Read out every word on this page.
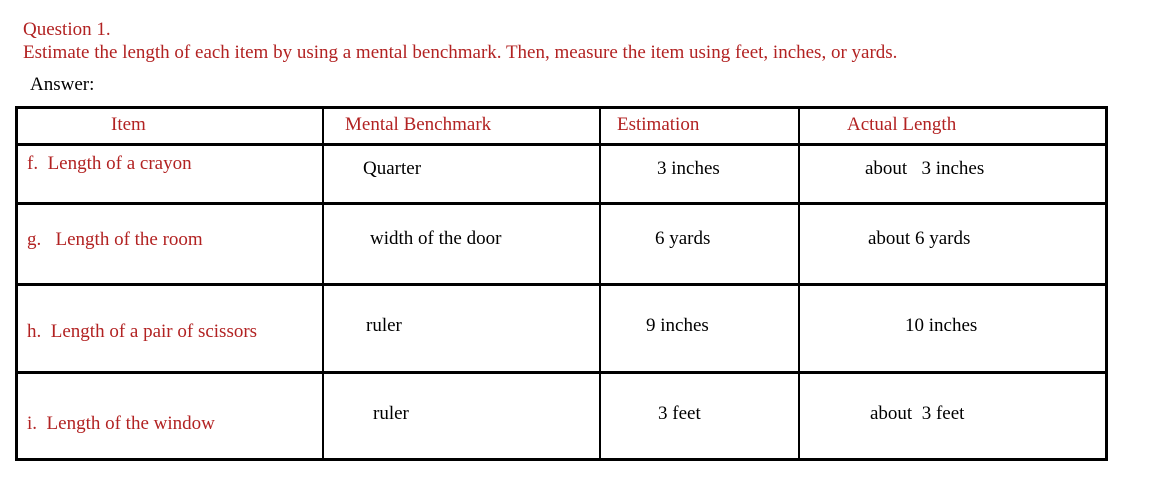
Question 1.
Estimate the length of each item by using a mental benchmark. Then, measure the item using feet, inches, or yards.
Answer:
Item	Mental Benchmark	Estimation	Actual Length
f.  Length of a crayon	Quarter	3 inches	about   3 inches
g.   Length of the room	width of the door	6 yards	about 6 yards
h.  Length of a pair of scissors	ruler	9 inches	10 inches
i.  Length of the window	ruler	3 feet	about  3 feet
